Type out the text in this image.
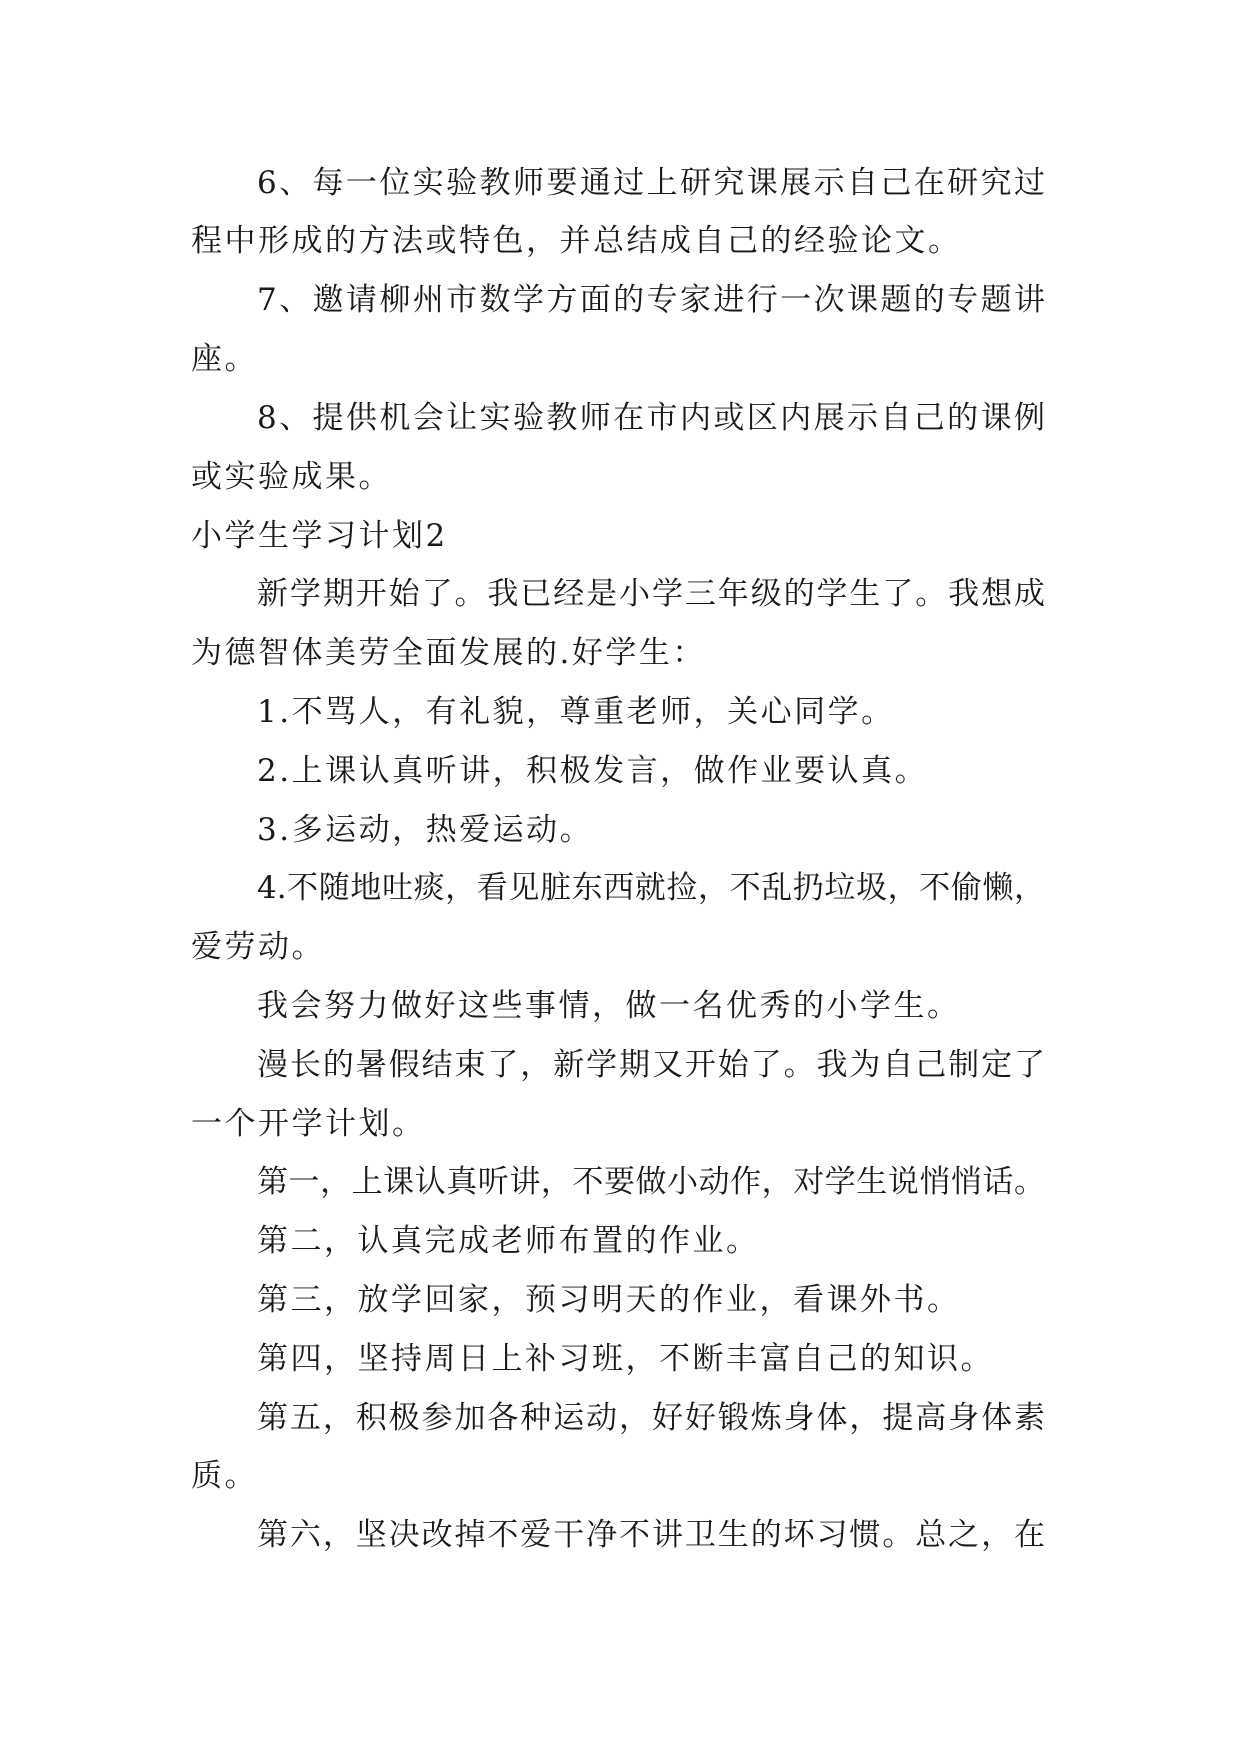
6、每一位实验教师要通过上研究课展示自己在研究过
程中形成的方法或特色，并总结成自己的经验论文。
7、邀请柳州市数学方面的专家进行一次课题的专题讲
座。
8、提供机会让实验教师在市内或区内展示自己的课例
或实验成果。
小学生学习计划2
新学期开始了。我已经是小学三年级的学生了。我想成
为德智体美劳全面发展的.好学生：
1.不骂人，有礼貌，尊重老师，关心同学。
2.上课认真听讲，积极发言，做作业要认真。
3.多运动，热爱运动。
4.不随地吐痰，看见脏东西就捡，不乱扔垃圾，不偷懒，
爱劳动。
我会努力做好这些事情，做一名优秀的小学生。
漫长的暑假结束了，新学期又开始了。我为自己制定了
一个开学计划。
第一，上课认真听讲，不要做小动作，对学生说悄悄话。
第二，认真完成老师布置的作业。
第三，放学回家，预习明天的作业，看课外书。
第四，坚持周日上补习班，不断丰富自己的知识。
第五，积极参加各种运动，好好锻炼身体，提高身体素
质。
第六，坚决改掉不爱干净不讲卫生的坏习惯。总之，在
